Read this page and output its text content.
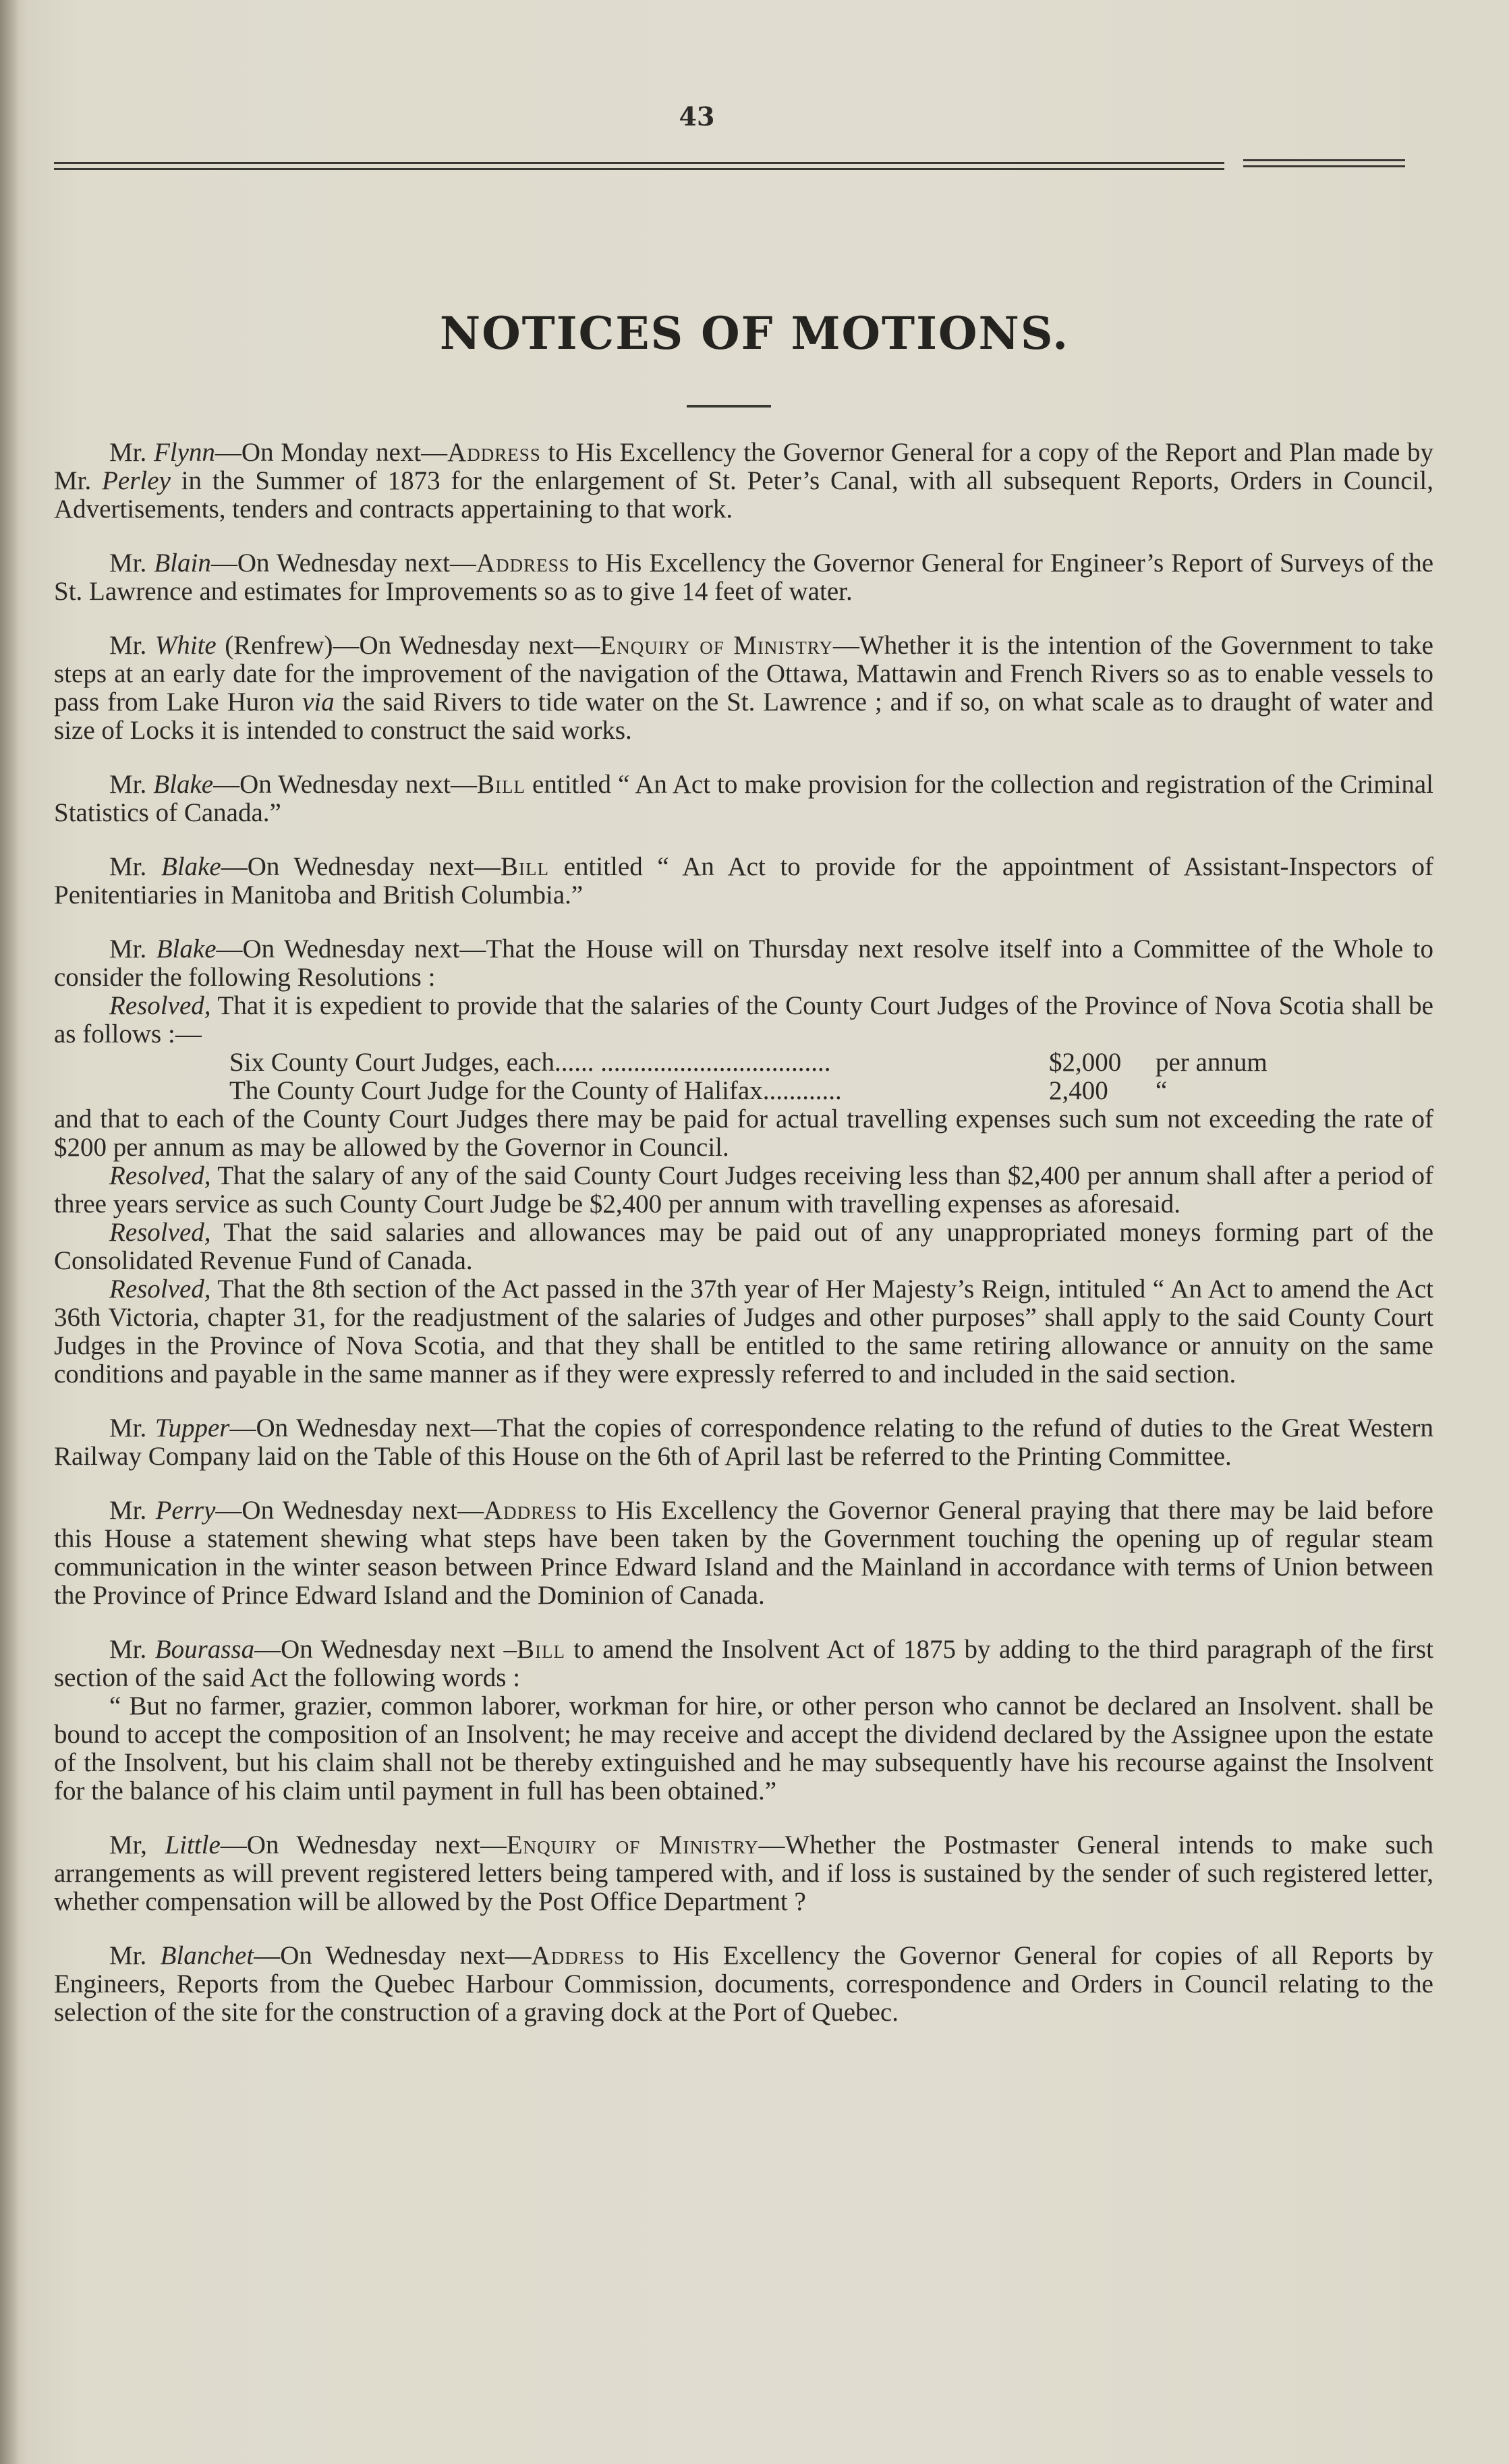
43
NOTICES OF MOTIONS.

Mr. Flynn—On Monday next—Address to His Excellency the Governor General for a copy of the Report and Plan made by Mr. Perley in the Summer of 1873 for the enlargement of St. Peter’s Canal, with all subsequent Reports, Orders in Council, Advertisements, tenders and contracts appertaining to that work.

Mr. Blain—On Wednesday next—Address to His Excellency the Governor General for Engineer’s Report of Surveys of the St. Lawrence and estimates for Improvements so as to give 14 feet of water.

Mr. White (Renfrew)—On Wednesday next—Enquiry of Ministry—Whether it is the intention of the Government to take steps at an early date for the improvement of the navigation of the Ottawa, Mattawin and French Rivers so as to enable vessels to pass from Lake Huron via the said Rivers to tide water on the St. Lawrence ; and if so, on what scale as to draught of water and size of Locks it is intended to construct the said works.

Mr. Blake—On Wednesday next—Bill entitled “ An Act to make provision for the collection and registration of the Criminal Statistics of Canada.”

Mr. Blake—On Wednesday next—Bill entitled “ An Act to provide for the appointment of Assistant-Inspectors of Penitentiaries in Manitoba and British Columbia.”

Mr. Blake—On Wednesday next—That the House will on Thursday next resolve itself into a Committee of the Whole to consider the following Resolutions :

Resolved, That it is expedient to provide that the salaries of the County Court Judges of the Province of Nova Scotia shall be as follows :—

Six County Court Judges, each...... ...................................	$2,000	per annum
The County Court Judge for the County of Halifax............	2,400	“

and that to each of the County Court Judges there may be paid for actual travelling expenses such sum not exceeding the rate of $200 per annum as may be allowed by the Governor in Council.

Resolved, That the salary of any of the said County Court Judges receiving less than $2,400 per annum shall after a period of three years service as such County Court Judge be $2,400 per annum with travelling expenses as aforesaid.

Resolved, That the said salaries and allowances may be paid out of any unappropriated moneys forming part of the Consolidated Revenue Fund of Canada.

Resolved, That the 8th section of the Act passed in the 37th year of Her Majesty’s Reign, intituled “ An Act to amend the Act 36th Victoria, chapter 31, for the readjustment of the salaries of Judges and other purposes” shall apply to the said County Court Judges in the Province of Nova Scotia, and that they shall be entitled to the same retiring allowance or annuity on the same conditions and payable in the same manner as if they were expressly referred to and included in the said section.

Mr. Tupper—On Wednesday next—That the copies of correspondence relating to the refund of duties to the Great Western Railway Company laid on the Table of this House on the 6th of April last be referred to the Printing Committee.

Mr. Perry—On Wednesday next—Address to His Excellency the Governor General praying that there may be laid before this House a statement shewing what steps have been taken by the Government touching the opening up of regular steam communication in the winter season between Prince Edward Island and the Mainland in accordance with terms of Union between the Province of Prince Edward Island and the Dominion of Canada.

Mr. Bourassa—On Wednesday next –Bill to amend the Insolvent Act of 1875 by adding to the third paragraph of the first section of the said Act the following words :

“ But no farmer, grazier, common laborer, workman for hire, or other person who cannot be declared an Insolvent. shall be bound to accept the composition of an Insolvent; he may receive and accept the dividend declared by the Assignee upon the estate of the Insolvent, but his claim shall not be thereby extinguished and he may subsequently have his recourse against the Insolvent for the balance of his claim until payment in full has been obtained.”

Mr, Little—On Wednesday next—Enquiry of Ministry—Whether the Postmaster General intends to make such arrangements as will prevent registered letters being tampered with, and if loss is sustained by the sender of such registered letter, whether compensation will be allowed by the Post Office Department ?

Mr. Blanchet—On Wednesday next—Address to His Excellency the Governor General for copies of all Reports by Engineers, Reports from the Quebec Harbour Commission, documents, correspondence and Orders in Council relating to the selection of the site for the construction of a graving dock at the Port of Quebec.
